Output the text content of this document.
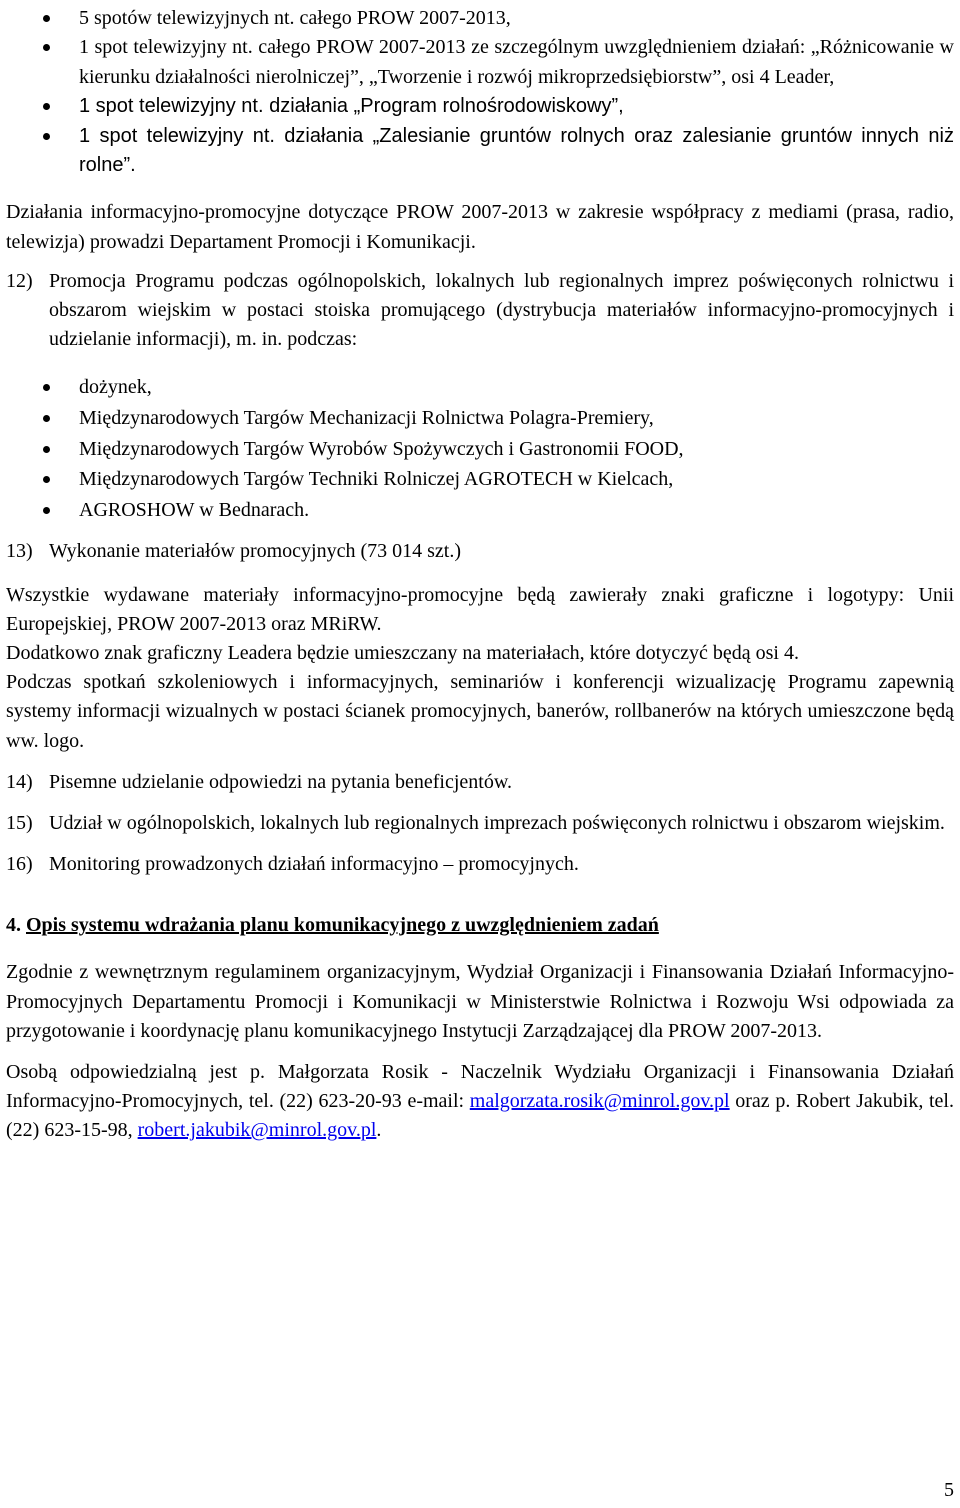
5 spotów telewizyjnych nt. całego PROW 2007-2013,
1 spot telewizyjny nt. całego PROW 2007-2013 ze szczególnym uwzględnieniem działań: „Różnicowanie w kierunku działalności nierolniczej”, „Tworzenie i rozwój mikroprzedsiębiorstw”, osi 4 Leader,
1 spot telewizyjny nt. działania „Program rolnośrodowiskowy”,
1 spot telewizyjny nt. działania „Zalesianie gruntów rolnych oraz zalesianie gruntów innych niż rolne”.

Działania informacyjno-promocyjne dotyczące PROW 2007-2013 w zakresie współpracy z mediami (prasa, radio, telewizja) prowadzi Departament Promocji i Komunikacji.

12) Promocja Programu podczas ogólnopolskich, lokalnych lub regionalnych imprez poświęconych rolnictwu i obszarom wiejskim w postaci stoiska promującego (dystrybucja materiałów informacyjno-promocyjnych i udzielanie informacji), m. in. podczas:
dożynek,
Międzynarodowych Targów Mechanizacji Rolnictwa Polagra-Premiery,
Międzynarodowych Targów Wyrobów Spożywczych i Gastronomii FOOD,
Międzynarodowych Targów Techniki Rolniczej AGROTECH w Kielcach,
AGROSHOW w Bednarach.
13) Wykonanie materiałów promocyjnych (73 014 szt.)

Wszystkie wydawane materiały informacyjno-promocyjne będą zawierały znaki graficzne i logotypy: Unii Europejskiej, PROW 2007-2013 oraz MRiRW.

Dodatkowo znak graficzny Leadera będzie umieszczany na materiałach, które dotyczyć będą osi 4.

Podczas spotkań szkoleniowych i informacyjnych, seminariów i konferencji wizualizację Programu zapewnią systemy informacji wizualnych w postaci ścianek promocyjnych, banerów, rollbanerów na których umieszczone będą ww. logo.

14) Pisemne udzielanie odpowiedzi na pytania beneficjentów.
15) Udział w ogólnopolskich, lokalnych lub regionalnych imprezach poświęconych rolnictwu i obszarom wiejskim.
16) Monitoring prowadzonych działań informacyjno – promocyjnych.
4. Opis systemu wdrażania planu komunikacyjnego z uwzględnieniem zadań

Zgodnie z wewnętrznym regulaminem organizacyjnym, Wydział Organizacji i Finansowania Działań Informacyjno-Promocyjnych Departamentu Promocji i Komunikacji w Ministerstwie Rolnictwa i Rozwoju Wsi odpowiada za przygotowanie i koordynację planu komunikacyjnego Instytucji Zarządzającej dla PROW 2007-2013.

Osobą odpowiedzialną jest p. Małgorzata Rosik - Naczelnik Wydziału Organizacji i Finansowania Działań Informacyjno-Promocyjnych, tel. (22) 623-20-93 e-mail: malgorzata.rosik@minrol.gov.pl oraz p. Robert Jakubik, tel. (22) 623-15-98, robert.jakubik@minrol.gov.pl.

5
